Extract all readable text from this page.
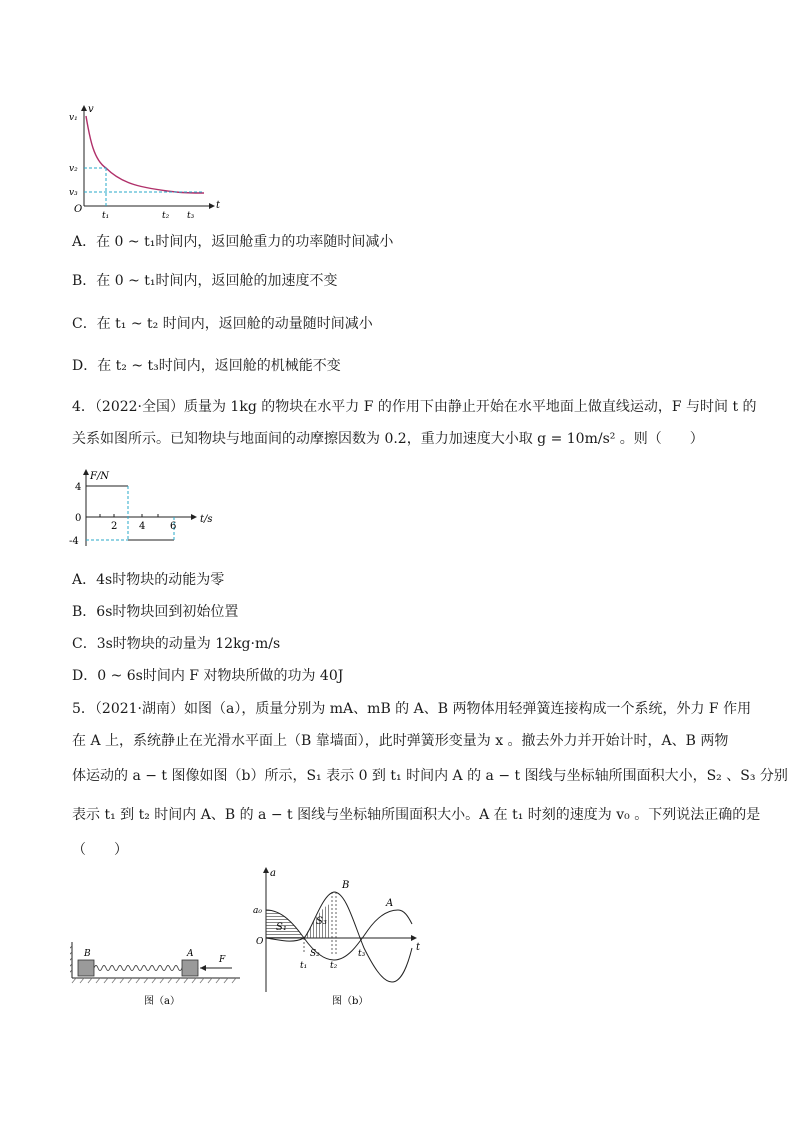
v
t
O
v₁
v₂
v₃
t₁	t₂ t₃
A．在 0 ~ t₁时间内，返回舱重力的功率随时间减小
B．在 0 ~ t₁时间内，返回舱的加速度不变
C．在 t₁ ~ t₂ 时间内，返回舱的动量随时间减小
D．在 t₂ ~ t₃时间内，返回舱的机械能不变
4．（2022·全国）质量为 1kg 的物块在水平力 F 的作用下由静止开始在水平地面上做直线运动，F 与时间 t 的
关系如图所示。已知物块与地面间的动摩擦因数为 0.2，重力加速度大小取 g = 10m/s² 。则（　　）
F/N
t/s
4
0
-4
2 4 6
A．4s时物块的动能为零
B．6s时物块回到初始位置
C．3s时物块的动量为 12kg·m/s
D．0 ~ 6s时间内 F 对物块所做的功为 40J
5．（2021·湖南）如图（a），质量分别为 mA、mB 的 A、B 两物体用轻弹簧连接构成一个系统，外力 F 作用
在 A 上，系统静止在光滑水平面上（B 靠墙面），此时弹簧形变量为 x 。撤去外力并开始计时，A、B 两物
体运动的 a − t 图像如图（b）所示，S₁ 表示 0 到 t₁ 时间内 A 的 a − t 图线与坐标轴所围面积大小，S₂ 、S₃ 分别
表示 t₁ 到 t₂ 时间内 A、B 的 a − t 图线与坐标轴所围面积大小。A 在 t₁ 时刻的速度为 v₀ 。下列说法正确的是
（　　）
B	A
F
图（a）
a
t
O
a₀
S₁
S₂
S₃
B
A
t₁	t₂
t₃
图（b）
